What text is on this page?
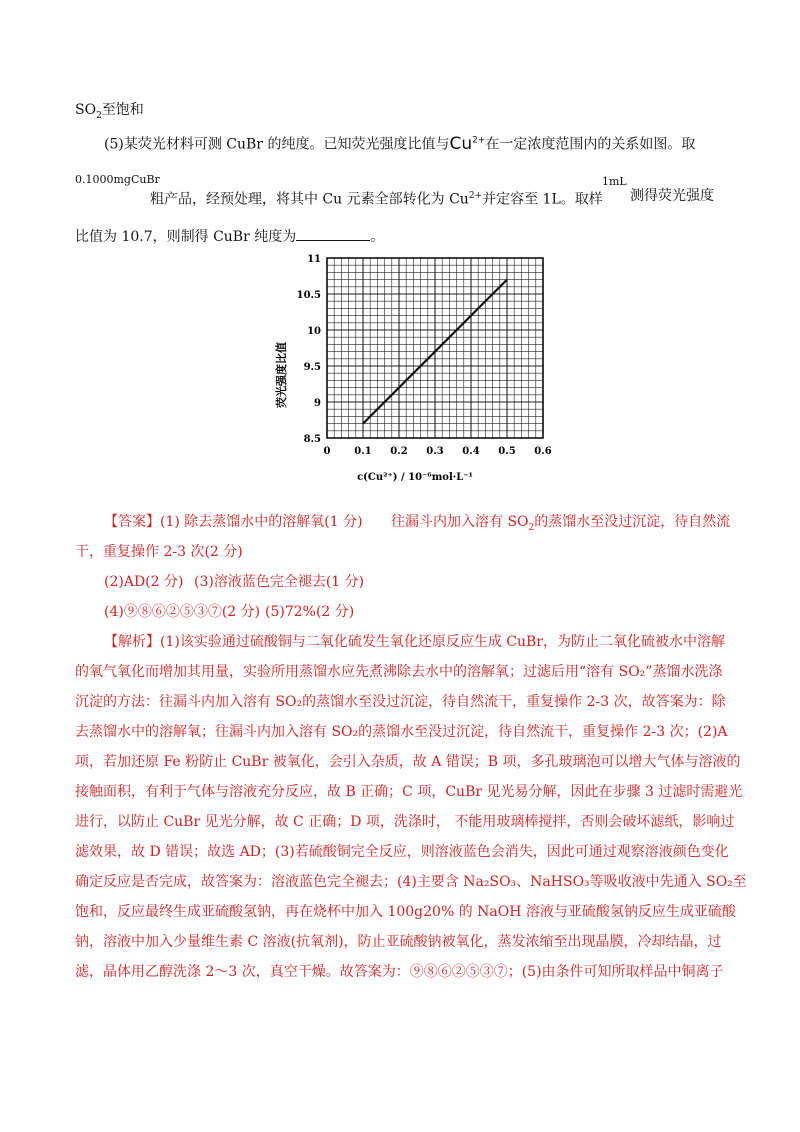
$SO_2$至饱和
(5)某荧光材料可测 CuBr 的纯度。已知荧光强度比值与$Cu^{2+}$在一定浓度范围内的关系如图。取
0.1000mgCuBr
粗产品，经预处理，将其中 Cu 元素全部转化为 $Cu^{2+}$并定容至 1L。取样
1mL
测得荧光强度
比值为 10.7，则制得 CuBr 纯度为	。
0 0.1 0.2 0.3 0.4 0.5 0.6
8.5
9
9.5
10
10.5
11
荧光强度比值
c(Cu²⁺) / 10⁻⁶mol·L⁻¹
【答案】(1) 除去蒸馏水中的溶解氧(1 分) 往漏斗内加入溶有 $SO_2$的蒸馏水至没过沉淀，待自然流
干，重复操作 2-3 次(2 分)
(2)AD(2 分) (3)溶液蓝色完全褪去(1 分)
(4)⑨⑧⑥②⑤③⑦(2 分) (5)72%(2 分)
【解析】(1)该实验通过硫酸铜与二氧化硫发生氧化还原反应生成 CuBr，为防止二氧化硫被水中溶解
的氧气氧化而增加其用量，实验所用蒸馏水应先煮沸除去水中的溶解氧；过滤后用“溶有 SO₂”蒸馏水洗涤
沉淀的方法：往漏斗内加入溶有 SO₂的蒸馏水至没过沉淀，待自然流干，重复操作 2-3 次，故答案为：除
去蒸馏水中的溶解氧；往漏斗内加入溶有 SO₂的蒸馏水至没过沉淀，待自然流干，重复操作 2-3 次；(2)A
项，若加还原 Fe 粉防止 CuBr 被氧化，会引入杂质，故 A 错误；B 项，多孔玻璃泡可以增大气体与溶液的
接触面积，有利于气体与溶液充分反应，故 B 正确；C 项，CuBr 见光易分解，因此在步骤 3 过滤时需避光
进行，以防止 CuBr 见光分解，故 C 正确；D 项，洗涤时， 不能用玻璃棒搅拌，否则会破坏滤纸，影响过
滤效果，故 D 错误；故选 AD；(3)若硫酸铜完全反应，则溶液蓝色会消失，因此可通过观察溶液颜色变化
确定反应是否完成，故答案为：溶液蓝色完全褪去；(4)主要含 Na₂SO₃、NaHSO₃等吸收液中先通入 SO₂至
饱和，反应最终生成亚硫酸氢钠，再在烧杯中加入 100g20% 的 NaOH 溶液与亚硫酸氢钠反应生成亚硫酸
钠，溶液中加入少量维生素 C 溶液(抗氧剂)，防止亚硫酸钠被氧化，蒸发浓缩至出现晶膜，冷却结晶，过
滤，晶体用乙醇洗涤 2～3 次，真空干燥。故答案为：⑨⑧⑥②⑤③⑦；(5)由条件可知所取样品中铜离子
